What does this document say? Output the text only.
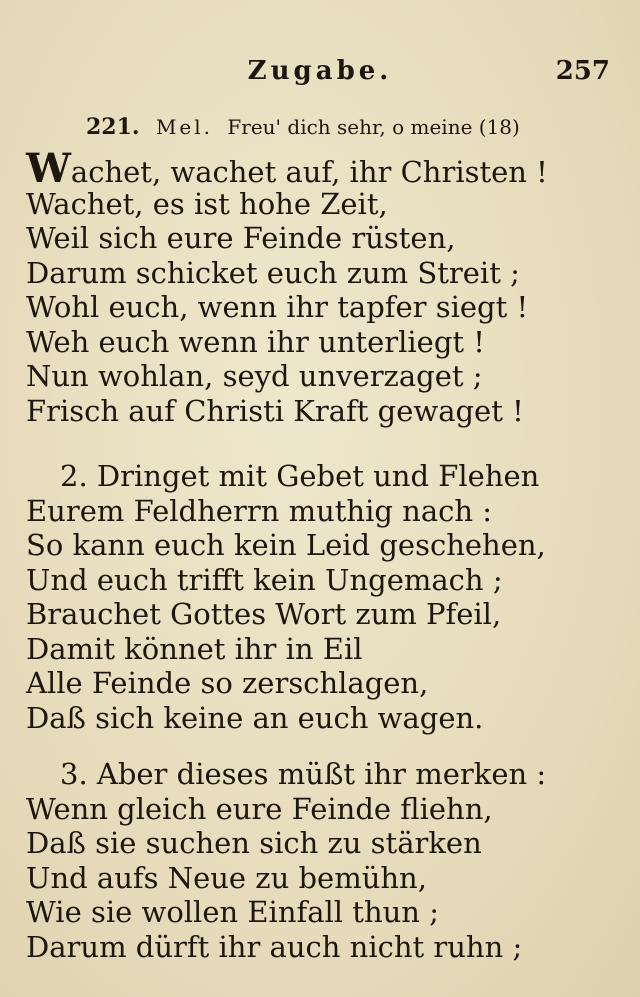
Zugabe.	257
221. Mel. Freu' dich sehr, o meine (18)
Wachet, wachet auf, ihr Christen !
Wachet, es ist hohe Zeit,
Weil sich eure Feinde rüsten,
Darum schicket euch zum Streit ;
Wohl euch, wenn ihr tapfer siegt !
Weh euch wenn ihr unterliegt !
Nun wohlan, seyd unverzaget ;
Frisch auf Christi Kraft gewaget !
2. Dringet mit Gebet und Flehen
Eurem Feldherrn muthig nach :
So kann euch kein Leid geschehen,
Und euch trifft kein Ungemach ;
Brauchet Gottes Wort zum Pfeil,
Damit könnet ihr in Eil
Alle Feinde so zerschlagen,
Daß sich keine an euch wagen.
3. Aber dieses müßt ihr merken :
Wenn gleich eure Feinde fliehn,
Daß sie suchen sich zu stärken
Und aufs Neue zu bemühn,
Wie sie wollen Einfall thun ;
Darum dürft ihr auch nicht ruhn ;
